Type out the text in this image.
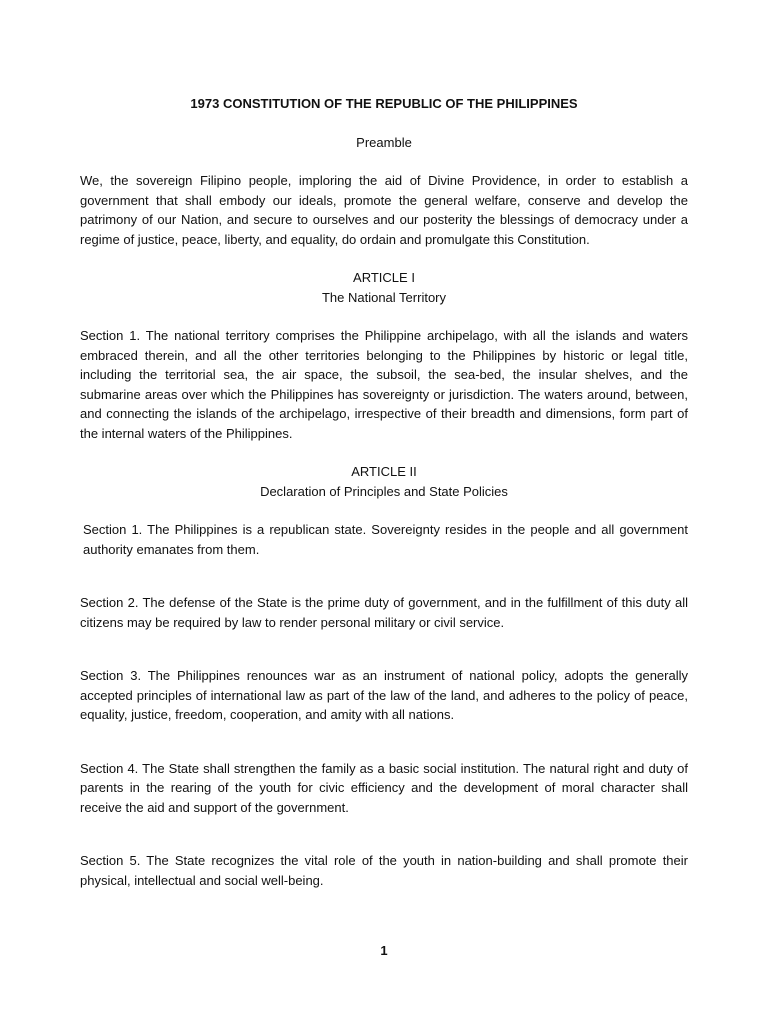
1973 CONSTITUTION OF THE REPUBLIC OF THE PHILIPPINES

Preamble

We, the sovereign Filipino people, imploring the aid of Divine Providence, in order to establish a government that shall embody our ideals, promote the general welfare, conserve and develop the patrimony of our Nation, and secure to ourselves and our posterity the blessings of democracy under a regime of justice, peace, liberty, and equality, do ordain and promulgate this Constitution.

ARTICLE I

The National Territory

Section 1. The national territory comprises the Philippine archipelago, with all the islands and waters embraced therein, and all the other territories belonging to the Philippines by historic or legal title, including the territorial sea, the air space, the subsoil, the sea-bed, the insular shelves, and the submarine areas over which the Philippines has sovereignty or jurisdiction. The waters around, between, and connecting the islands of the archipelago, irrespective of their breadth and dimensions, form part of the internal waters of the Philippines.

ARTICLE II

Declaration of Principles and State Policies

Section 1. The Philippines is a republican state. Sovereignty resides in the people and all government authority emanates from them.

Section 2. The defense of the State is the prime duty of government, and in the fulfillment of this duty all citizens may be required by law to render personal military or civil service.

Section 3. The Philippines renounces war as an instrument of national policy, adopts the generally accepted principles of international law as part of the law of the land, and adheres to the policy of peace, equality, justice, freedom, cooperation, and amity with all nations.

Section 4. The State shall strengthen the family as a basic social institution. The natural right and duty of parents in the rearing of the youth for civic efficiency and the development of moral character shall receive the aid and support of the government.

Section 5. The State recognizes the vital role of the youth in nation-building and shall promote their physical, intellectual and social well-being.

1
